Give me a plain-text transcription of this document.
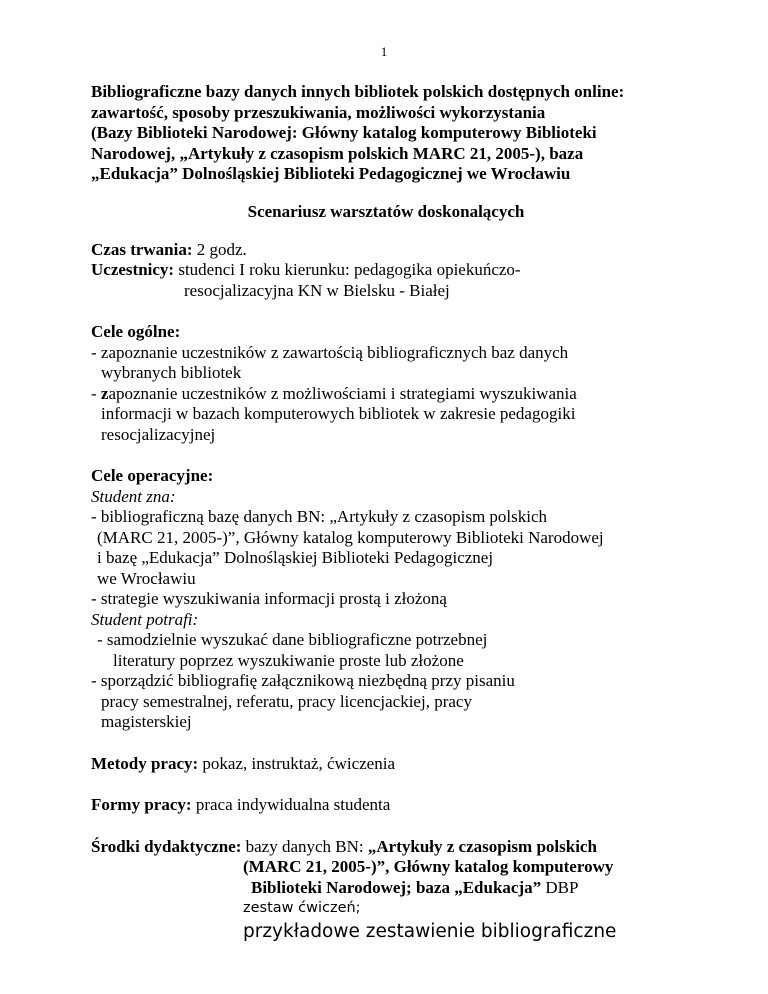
1

Bibliograficzne bazy danych innych bibliotek polskich dostępnych online:

zawartość, sposoby przeszukiwania, możliwości wykorzystania

(Bazy Biblioteki Narodowej: Główny katalog komputerowy Biblioteki

Narodowej, „Artykuły z czasopism polskich MARC 21, 2005-), baza

„Edukacja” Dolnośląskiej Biblioteki Pedagogicznej we Wrocławiu

Scenariusz warsztatów doskonalących

Czas trwania: 2 godz.

Uczestnicy: studenci I roku kierunku: pedagogika opiekuńczo-

resocjalizacyjna KN w Bielsku - Białej

Cele ogólne:

- zapoznanie uczestników z zawartością bibliograficznych baz danych

wybranych bibliotek

- zapoznanie uczestników z możliwościami i strategiami wyszukiwania

informacji w bazach komputerowych bibliotek w zakresie pedagogiki

resocjalizacyjnej

Cele operacyjne:

Student zna:

- bibliograficzną bazę danych BN: „Artykuły z czasopism polskich

(MARC 21, 2005-)”, Główny katalog komputerowy Biblioteki Narodowej

i bazę „Edukacja” Dolnośląskiej Biblioteki Pedagogicznej

we Wrocławiu

- strategie wyszukiwania informacji prostą i złożoną

Student potrafi:

- samodzielnie wyszukać dane bibliograficzne potrzebnej

literatury poprzez wyszukiwanie proste lub złożone

- sporządzić bibliografię załącznikową niezbędną przy pisaniu

pracy semestralnej, referatu, pracy licencjackiej, pracy

magisterskiej

Metody pracy: pokaz, instruktaż, ćwiczenia

Formy pracy: praca indywidualna studenta

Środki dydaktyczne: bazy danych BN: „Artykuły z czasopism polskich

(MARC 21, 2005-)”, Główny katalog komputerowy

Biblioteki Narodowej; baza „Edukacja” DBP

zestaw ćwiczeń;

przykładowe zestawienie bibliograficzne
